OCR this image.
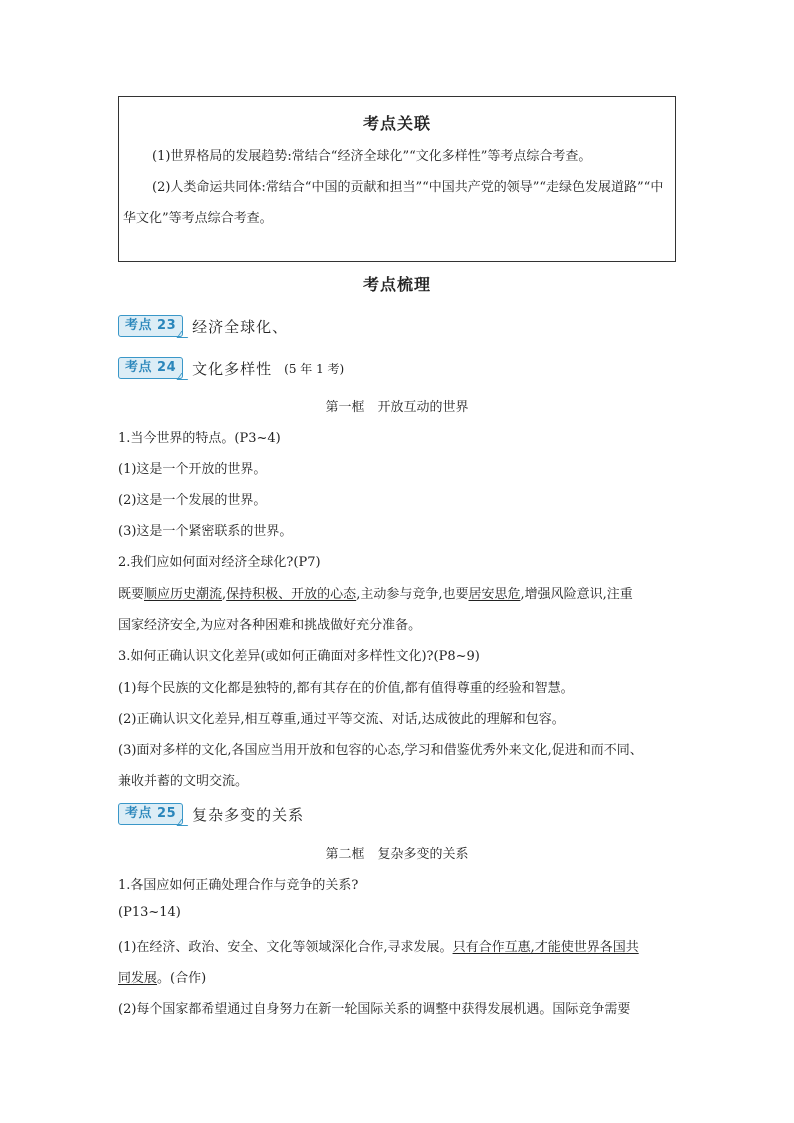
考点关联
(1)世界格局的发展趋势:常结合“经济全球化”“文化多样性”等考点综合考查。
(2)人类命运共同体:常结合“中国的贡献和担当”“中国共产党的领导”“走绿色发展道路”“中华文化”等考点综合考查。
考点梳理
考点 23	经济全球化、
考点 24	文化多样性 (5 年 1 考)
第一框　开放互动的世界
1.当今世界的特点。(P3~4)
(1)这是一个开放的世界。
(2)这是一个发展的世界。
(3)这是一个紧密联系的世界。
2.我们应如何面对经济全球化?(P7)
既要顺应历史潮流,保持积极、开放的心态,主动参与竞争,也要居安思危,增强风险意识,注重
国家经济安全,为应对各种困难和挑战做好充分准备。
3.如何正确认识文化差异(或如何正确面对多样性文化)?(P8~9)
(1)每个民族的文化都是独特的,都有其存在的价值,都有值得尊重的经验和智慧。
(2)正确认识文化差异,相互尊重,通过平等交流、对话,达成彼此的理解和包容。
(3)面对多样的文化,各国应当用开放和包容的心态,学习和借鉴优秀外来文化,促进和而不同、
兼收并蓄的文明交流。
考点 25	复杂多变的关系
第二框　复杂多变的关系
1.各国应如何正确处理合作与竞争的关系?
(P13~14)
(1)在经济、政治、安全、文化等领域深化合作,寻求发展。只有合作互惠,才能使世界各国共
同发展。(合作)
(2)每个国家都希望通过自身努力在新一轮国际关系的调整中获得发展机遇。国际竞争需要
